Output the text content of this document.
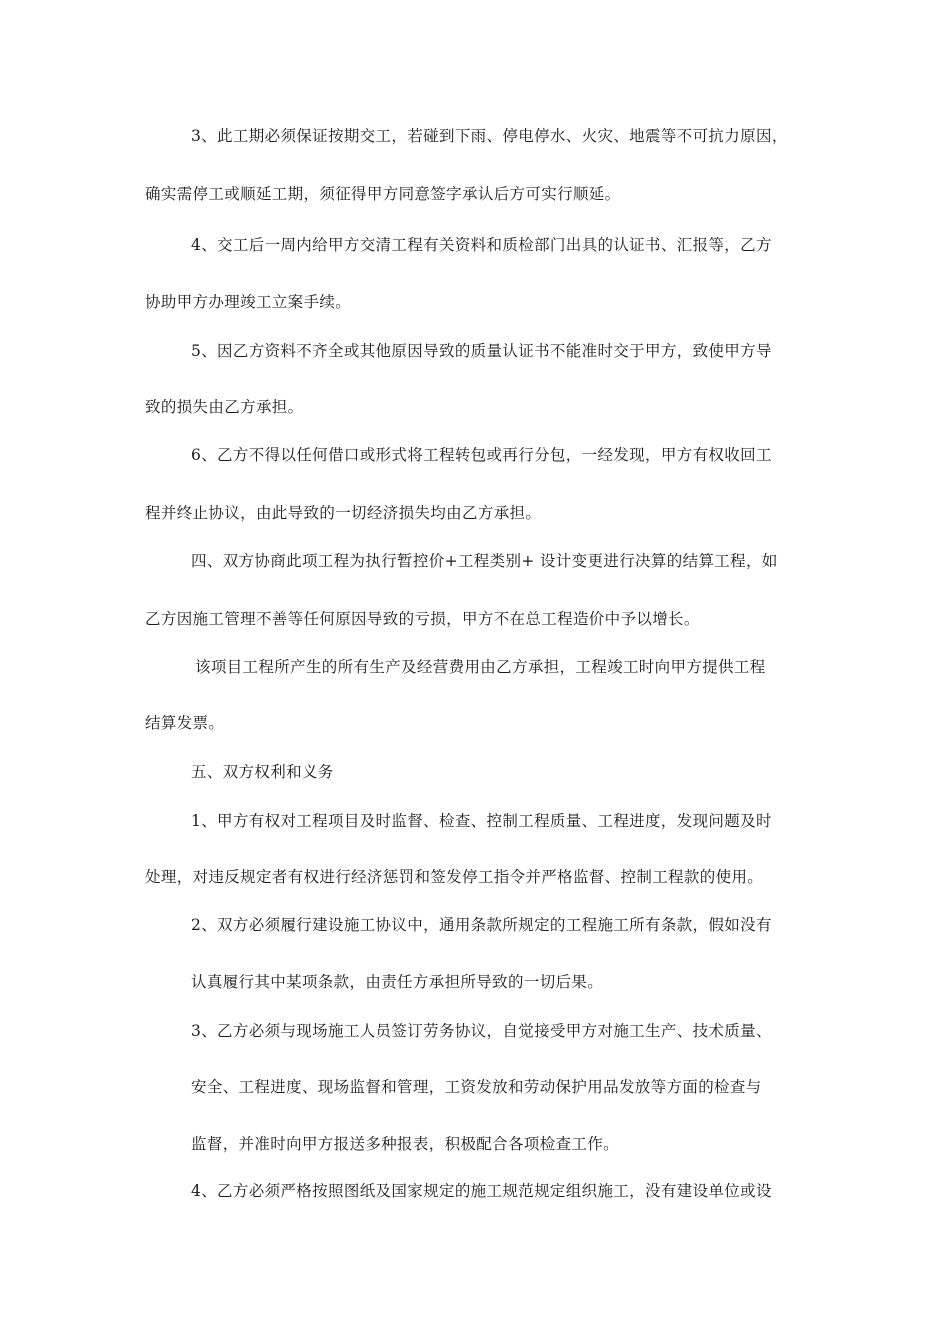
3、此工期必须保证按期交工，若碰到下雨、停电停水、火灾、地震等不可抗力原因，
确实需停工或顺延工期，须征得甲方同意签字承认后方可实行顺延。
4、交工后一周内给甲方交清工程有关资料和质检部门出具的认证书、汇报等，乙方
协助甲方办理竣工立案手续。
5、因乙方资料不齐全或其他原因导致的质量认证书不能准时交于甲方，致使甲方导
致的损失由乙方承担。
6、乙方不得以任何借口或形式将工程转包或再行分包，一经发现，甲方有权收回工
程并终止协议，由此导致的一切经济损失均由乙方承担。
四、双方协商此项工程为执行暂控价+工程类别+ 设计变更进行决算的结算工程，如
乙方因施工管理不善等任何原因导致的亏损，甲方不在总工程造价中予以增长。
该项目工程所产生的所有生产及经营费用由乙方承担，工程竣工时向甲方提供工程
结算发票。
五、双方权利和义务
1、甲方有权对工程项目及时监督、检查、控制工程质量、工程进度，发现问题及时
处理，对违反规定者有权进行经济惩罚和签发停工指令并严格监督、控制工程款的使用。
2、双方必须履行建设施工协议中，通用条款所规定的工程施工所有条款，假如没有
认真履行其中某项条款，由责任方承担所导致的一切后果。
3、乙方必须与现场施工人员签订劳务协议，自觉接受甲方对施工生产、技术质量、
安全、工程进度、现场监督和管理，工资发放和劳动保护用品发放等方面的检查与
监督，并准时向甲方报送多种报表，积极配合各项检查工作。
4、乙方必须严格按照图纸及国家规定的施工规范规定组织施工，没有建设单位或设
